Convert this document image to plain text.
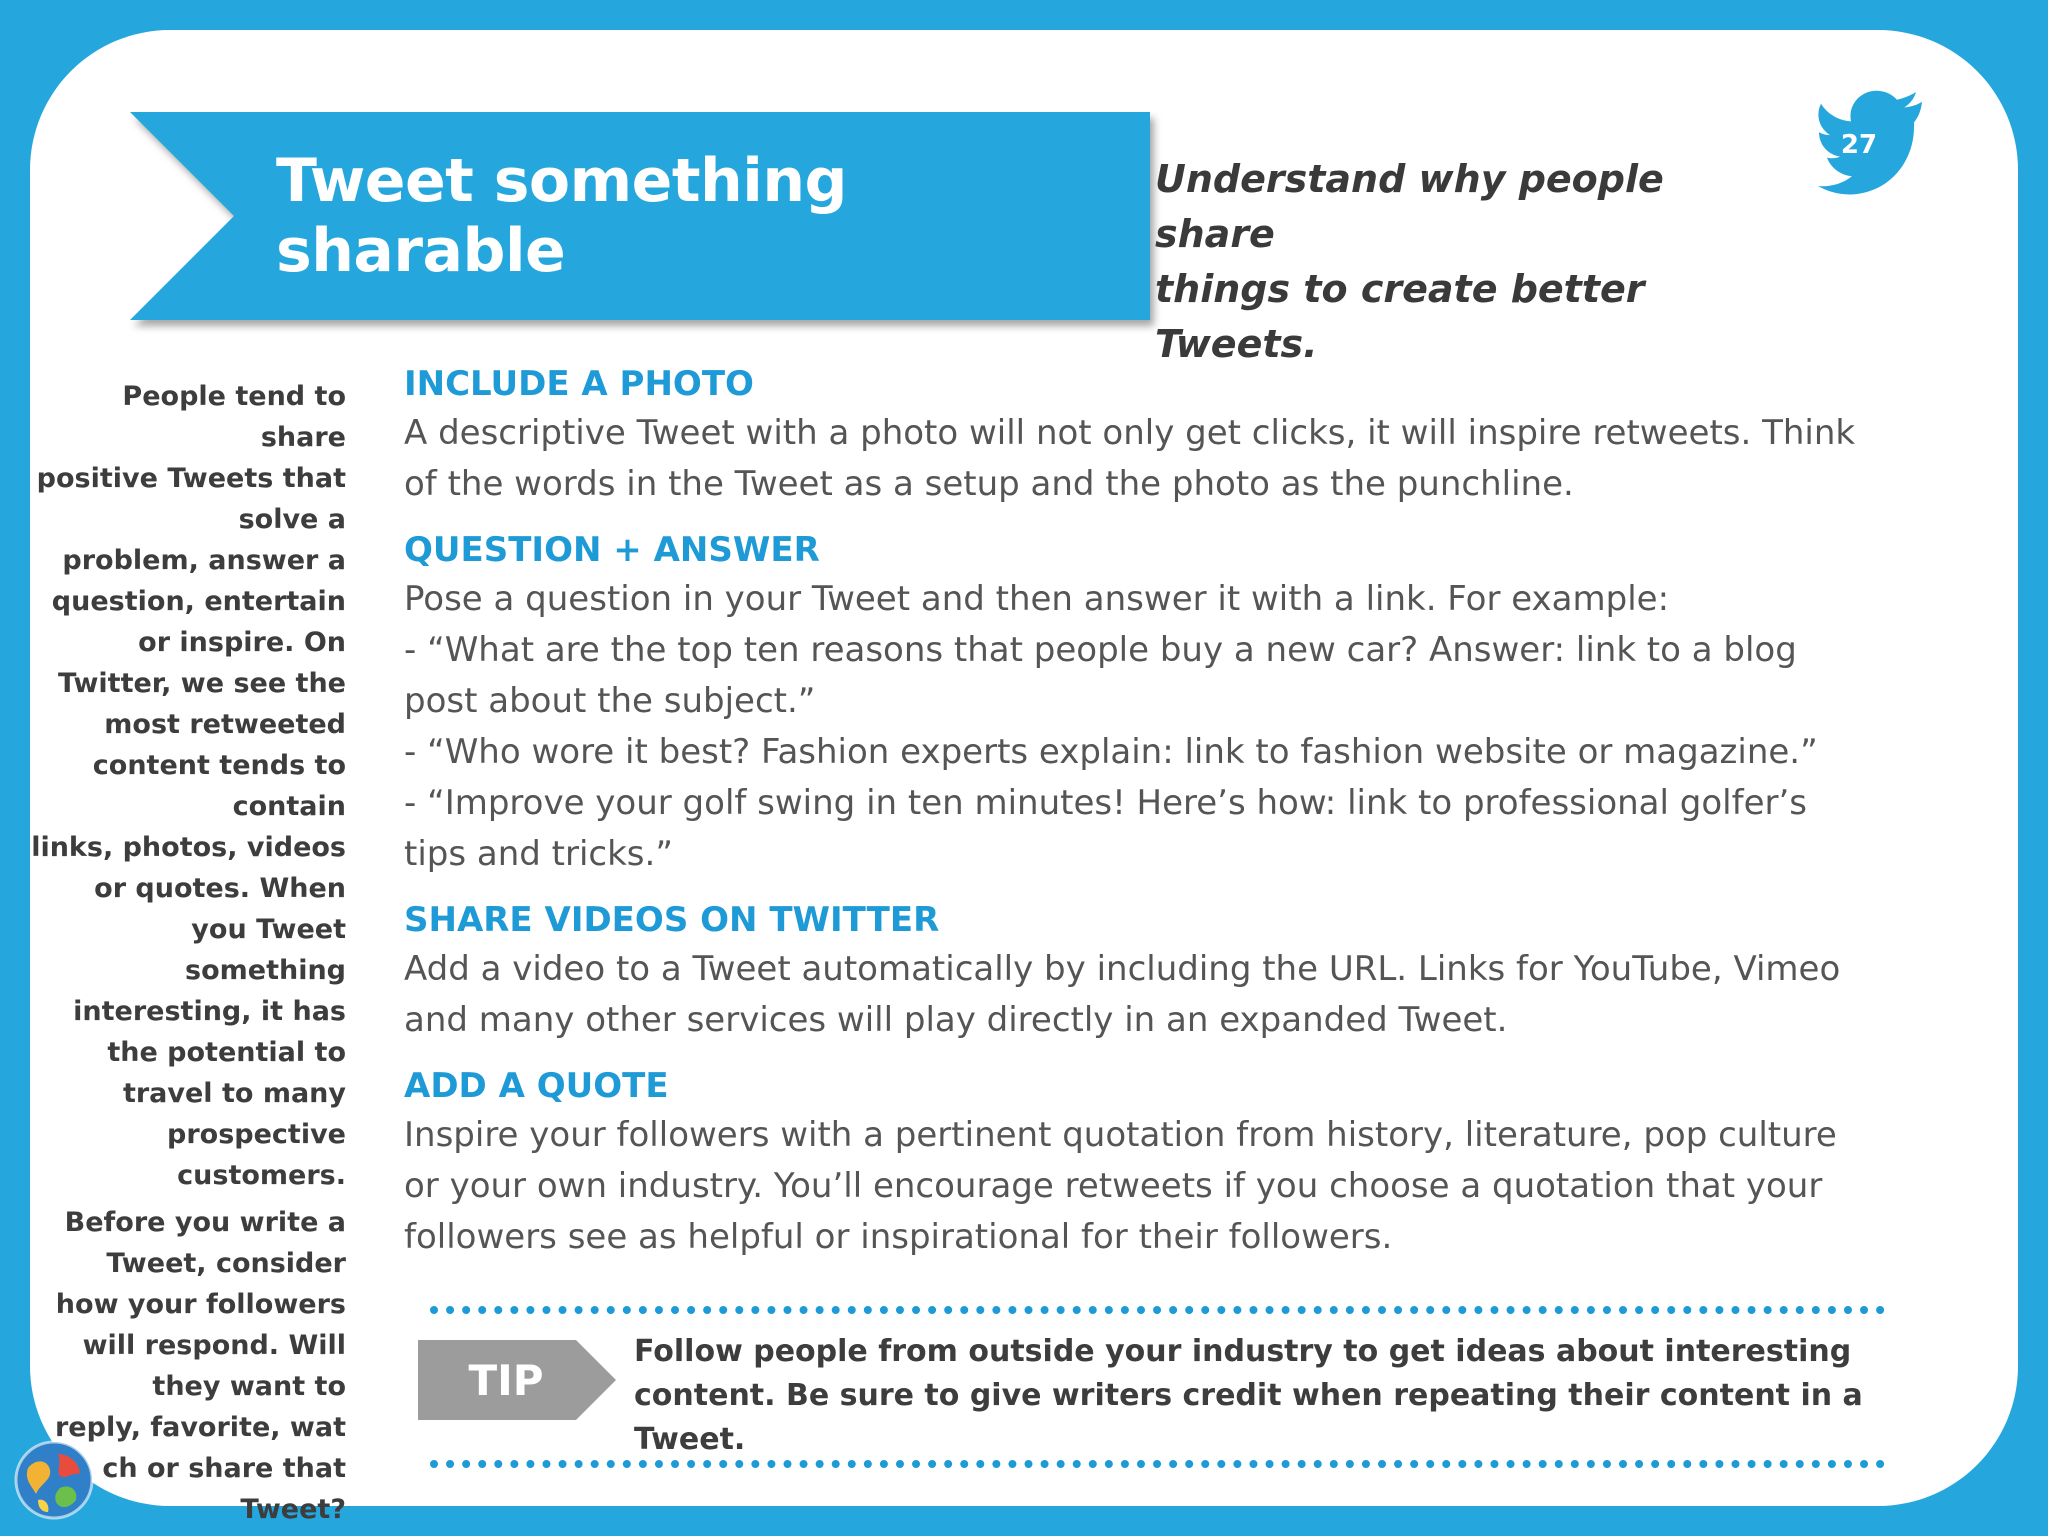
Tweet something sharable
Understand why people share
things to create better Tweets.
27

People tend to share
positive Tweets that
solve a
problem, answer a
question, entertain
or inspire. On
Twitter, we see the
most retweeted
content tends to
contain
links, photos, videos
or quotes. When
you Tweet
something
interesting, it has
the potential to
travel to many
prospective
customers.

Before you write a
Tweet, consider
how your followers
will respond. Will
they want to
reply, favorite, wat
ch or share that
Tweet?

INCLUDE A PHOTO
A descriptive Tweet with a photo will not only get clicks, it will inspire retweets. Think
of the words in the Tweet as a setup and the photo as the punchline.
QUESTION + ANSWER
Pose a question in your Tweet and then answer it with a link. For example:
- “What are the top ten reasons that people buy a new car? Answer: link to a blog
post about the subject.”
- “Who wore it best? Fashion experts explain: link to fashion website or magazine.”
- “Improve your golf swing in ten minutes! Here’s how: link to professional golfer’s
tips and tricks.”
SHARE VIDEOS ON TWITTER
Add a video to a Tweet automatically by including the URL. Links for YouTube, Vimeo
and many other services will play directly in an expanded Tweet.
ADD A QUOTE
Inspire your followers with a pertinent quotation from history, literature, pop culture
or your own industry. You’ll encourage retweets if you choose a quotation that your
followers see as helpful or inspirational for their followers.
TIP
Follow people from outside your industry to get ideas about interesting
content. Be sure to give writers credit when repeating their content in a
Tweet.
